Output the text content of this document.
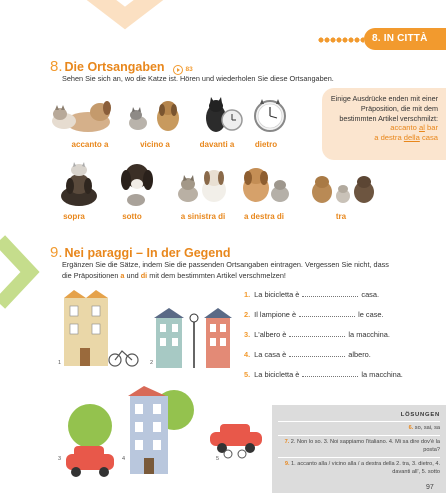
8. IN CITTÀ
8. Die Ortsangaben	83
Sehen Sie sich an, wo die Katze ist. Hören und wiederholen Sie diese Ortsangaben.
accanto a	vicino a	davanti a	dietro
Einige Ausdrücke enden mit einer Präposition, die mit dem bestimmten Artikel verschmilzt:
accanto al bar
a destra della casa
sopra	sotto	a sinistra di	a destra di	tra
9. Nei paraggi – In der Gegend
Ergänzen Sie die Sätze, indem Sie die passenden Ortsangaben eintragen. Vergessen Sie nicht, dass
die Präpositionen a und di mit dem bestimmten Artikel verschmelzen!
1	2
3	4	5
1. La bicicletta è	casa.
2. Il lampione è	le case.
3. L'albero è	la macchina.
4. La casa è	albero.
5. La bicicletta è	la macchina.
LÖSUNGEN
6. so, sai, sa
7. 2. Non lo so. 3. Noi sappiamo l'italiano. 4. Mi sa dire dov'è la posta?
9. 1. accanto alla / vicino alla / a destra della 2. tra, 3. dietro, 4. davanti all', 5. sotto
97
